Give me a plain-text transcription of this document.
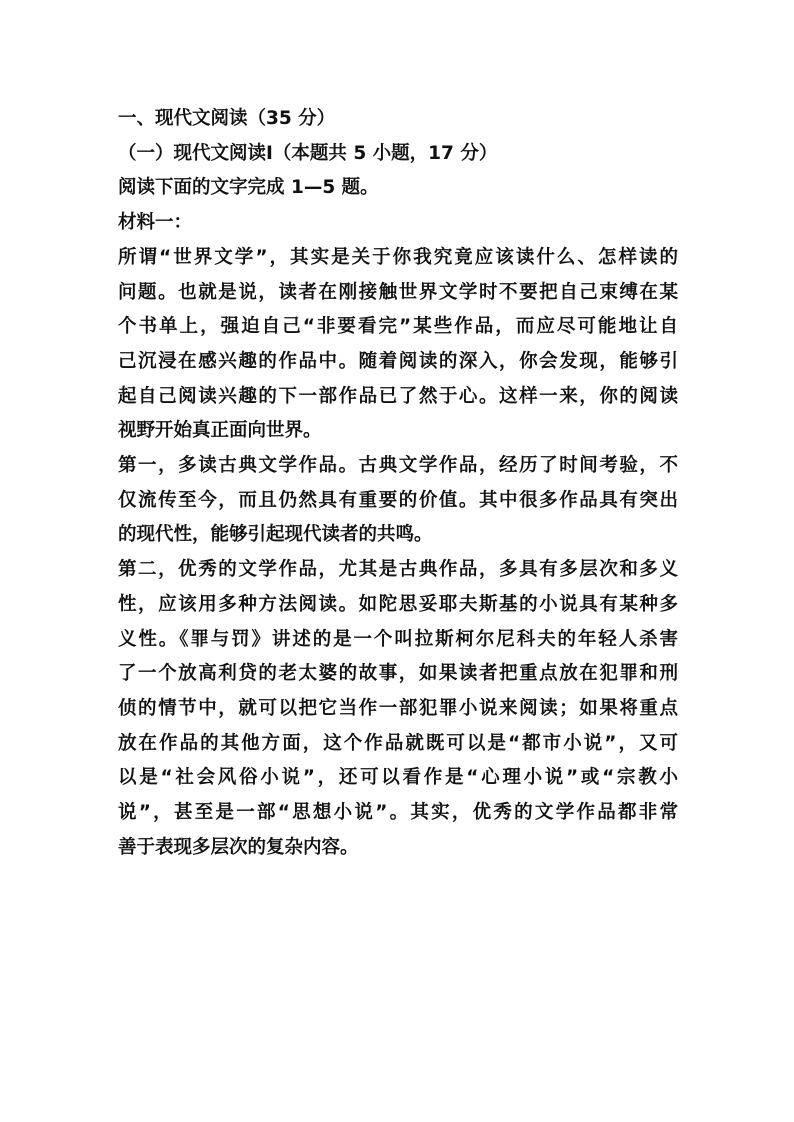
一、现代文阅读（35 分）
（一）现代文阅读Ⅰ（本题共 5 小题，17 分）
阅读下面的文字完成 1—5 题。
材料一：
所谓“世界文学”，其实是关于你我究竟应该读什么、怎样读的
问题。也就是说，读者在刚接触世界文学时不要把自己束缚在某
个书单上，强迫自己“非要看完”某些作品，而应尽可能地让自
己沉浸在感兴趣的作品中。随着阅读的深入，你会发现，能够引
起自己阅读兴趣的下一部作品已了然于心。这样一来，你的阅读
视野开始真正面向世界。
第一，多读古典文学作品。古典文学作品，经历了时间考验，不
仅流传至今，而且仍然具有重要的价值。其中很多作品具有突出
的现代性，能够引起现代读者的共鸣。
第二，优秀的文学作品，尤其是古典作品，多具有多层次和多义
性，应该用多种方法阅读。如陀思妥耶夫斯基的小说具有某种多
义性。《罪与罚》讲述的是一个叫拉斯柯尔尼科夫的年轻人杀害
了一个放高利贷的老太婆的故事，如果读者把重点放在犯罪和刑
侦的情节中，就可以把它当作一部犯罪小说来阅读；如果将重点
放在作品的其他方面，这个作品就既可以是“都市小说”，又可
以是“社会风俗小说”，还可以看作是“心理小说”或“宗教小
说”，甚至是一部“思想小说”。其实，优秀的文学作品都非常
善于表现多层次的复杂内容。
